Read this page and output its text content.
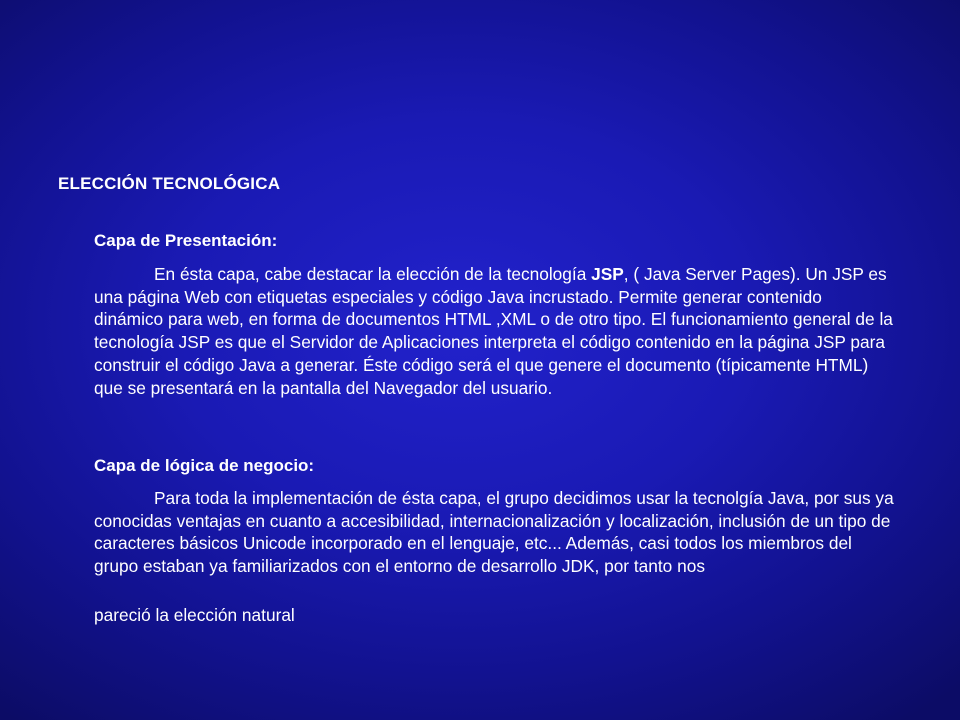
ELECCIÓN TECNOLÓGICA
Capa de Presentación:

En ésta capa, cabe destacar la elección de la tecnología JSP, ( Java Server Pages). Un JSP es una página Web con etiquetas especiales y código Java incrustado. Permite generar contenido dinámico para web, en forma de documentos HTML ,XML o de otro tipo. El funcionamiento general de la tecnología JSP es que el Servidor de Aplicaciones interpreta el código contenido en la página JSP para construir el código Java a generar. Éste código será el que genere el documento (típicamente HTML) que se presentará en la pantalla del Navegador del usuario.

Capa de lógica de negocio:

Para toda la implementación de ésta capa, el grupo decidimos usar la tecnolgía Java, por sus ya conocidas ventajas en cuanto a accesibilidad, internacionalización y localización, inclusión de un tipo de caracteres básicos Unicode incorporado en el lenguaje, etc... Además, casi todos los miembros del grupo estaban ya familiarizados con el entorno de desarrollo JDK, por tanto nos

pareció la elección natural
